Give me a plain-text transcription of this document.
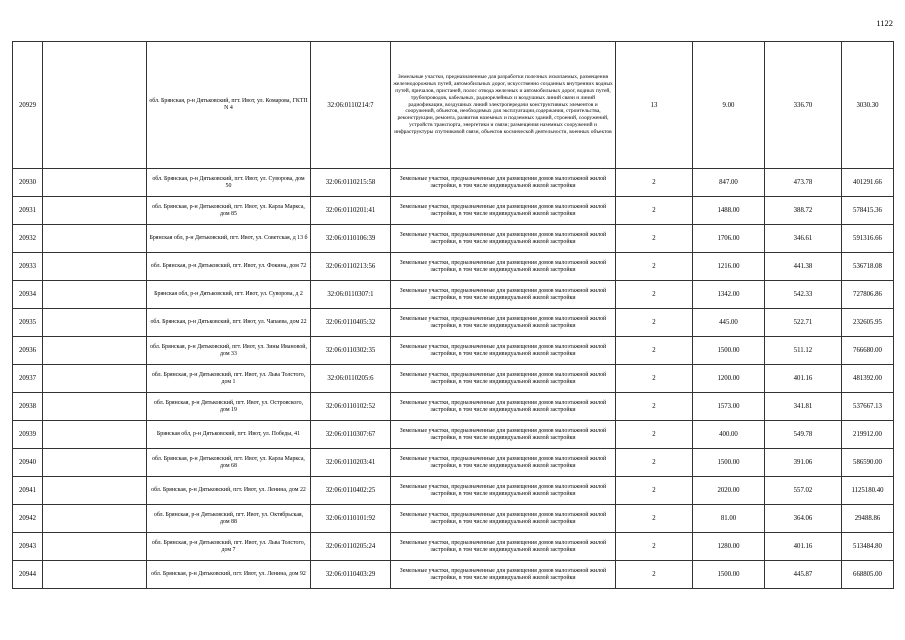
1122
20929		обл. Брянская, р-н Дятьковский, пгт. Ивот, ул. Комарова, ГКТП N 4	32:06:0110214:7	Земельные участки, предназначенные для разработки полезных ископаемых, размещения железнодорожных путей, автомобильных дорог, искусственно созданных внутренних водных путей, причалов, пристаней, полос отвода железных и автомобильных дорог, водных путей, трубопроводов, кабельных, радиорелейных и воздушных линий связи и линий радиофикации, воздушных линий электропередачи конструктивных элементов и сооружений, объектов, необходимых для эксплуатации,содержания, строительства, реконструкции, ремонта, развития наземных и подземных зданий, строений, сооружений, устройств транспорта, энергетики и связи; размещения наземных сооружений и инфраструктуры спутниковой связи, объектов космической деятельности, военных объектов	13	9.00	336.70	3030.30
20930		обл. Брянская, р-н Дятьковский, пгт. Ивот, ул. Суворова, дом 50	32:06:0110215:58	Земельные участки, предназначенные для размещения домов малоэтажной жилой застройки, в том числе индивидуальной жилой застройки	2	847.00	473.78	401291.66
20931		обл. Брянская, р-н Дятьковский, пгт. Ивот, ул. Карла Маркса, дом 85	32:06:0110201:41	Земельные участки, предназначенные для размещения домов малоэтажной жилой застройки, в том числе индивидуальной жилой застройки	2	1488.00	388.72	578415.36
20932		Брянская обл, р-н Дятьковский, пгт. Ивот, ул. Советская, д 13 б	32:06:0110106:39	Земельные участки, предназначенные для размещения домов малоэтажной жилой застройки, в том числе индивидуальной жилой застройки	2	1706.00	346.61	591316.66
20933		обл. Брянская, р-н Дятьковский, пгт. Ивот, ул. Фокина, дом 72	32:06:0110213:56	Земельные участки, предназначенные для размещения домов малоэтажной жилой застройки, в том числе индивидуальной жилой застройки	2	1216.00	441.38	536718.08
20934		Брянская обл, р-н Дятьковский, пгт. Ивот, ул. Суворова, д 2	32:06:0110307:1	Земельные участки, предназначенные для размещения домов малоэтажной жилой застройки, в том числе индивидуальной жилой застройки	2	1342.00	542.33	727806.86
20935		обл. Брянская, р-н Дятьковский, пгт. Ивот, ул. Чапаева, дом 22	32:06:0110405:32	Земельные участки, предназначенные для размещения домов малоэтажной жилой застройки, в том числе индивидуальной жилой застройки	2	445.00	522.71	232605.95
20936		обл. Брянская, р-н Дятьковский, пгт. Ивот, ул. Зины Ивановой, дом 33	32:06:0110302:35	Земельные участки, предназначенные для размещения домов малоэтажной жилой застройки, в том числе индивидуальной жилой застройки	2	1500.00	511.12	766680.00
20937		обл. Брянская, р-н Дятьковский, пгт. Ивот, ул. Льва Толстого, дом 1	32:06:0110205:6	Земельные участки, предназначенные для размещения домов малоэтажной жилой застройки, в том числе индивидуальной жилой застройки	2	1200.00	401.16	481392.00
20938		обл. Брянская, р-н Дятьковский, пгт. Ивот, ул. Островского, дом 19	32:06:0110102:52	Земельные участки, предназначенные для размещения домов малоэтажной жилой застройки, в том числе индивидуальной жилой застройки	2	1573.00	341.81	537667.13
20939		Брянская обл, р-н Дятьковский, пгт. Ивот, ул. Победы, 41	32:06:0110307:67	Земельные участки, предназначенные для размещения домов малоэтажной жилой застройки, в том числе индивидуальной жилой застройки	2	400.00	549.78	219912.00
20940		обл. Брянская, р-н Дятьковский, пгт. Ивот, ул. Карла Маркса, дом 68	32:06:0110203:41	Земельные участки, предназначенные для размещения домов малоэтажной жилой застройки, в том числе индивидуальной жилой застройки	2	1500.00	391.06	586590.00
20941		обл. Брянская, р-н Дятьковский, пгт. Ивот, ул. Ленина, дом 22	32:06:0110402:25	Земельные участки, предназначенные для размещения домов малоэтажной жилой застройки, в том числе индивидуальной жилой застройки	2	2020.00	557.02	1125180.40
20942		обл. Брянская, р-н Дятьковский, пгт. Ивот, ул. Октябрьская, дом 88	32:06:0110101:92	Земельные участки, предназначенные для размещения домов малоэтажной жилой застройки, в том числе индивидуальной жилой застройки	2	81.00	364.06	29488.86
20943		обл. Брянская, р-н Дятьковский, пгт. Ивот, ул. Льва Толстого, дом 7	32:06:0110205:24	Земельные участки, предназначенные для размещения домов малоэтажной жилой застройки, в том числе индивидуальной жилой застройки	2	1280.00	401.16	513484.80
20944		обл. Брянская, р-н Дятьковский, пгт. Ивот, ул. Ленина, дом 92	32:06:0110403:29	Земельные участки, предназначенные для размещения домов малоэтажной жилой застройки, в том числе индивидуальной жилой застройки	2	1500.00	445.87	668805.00
